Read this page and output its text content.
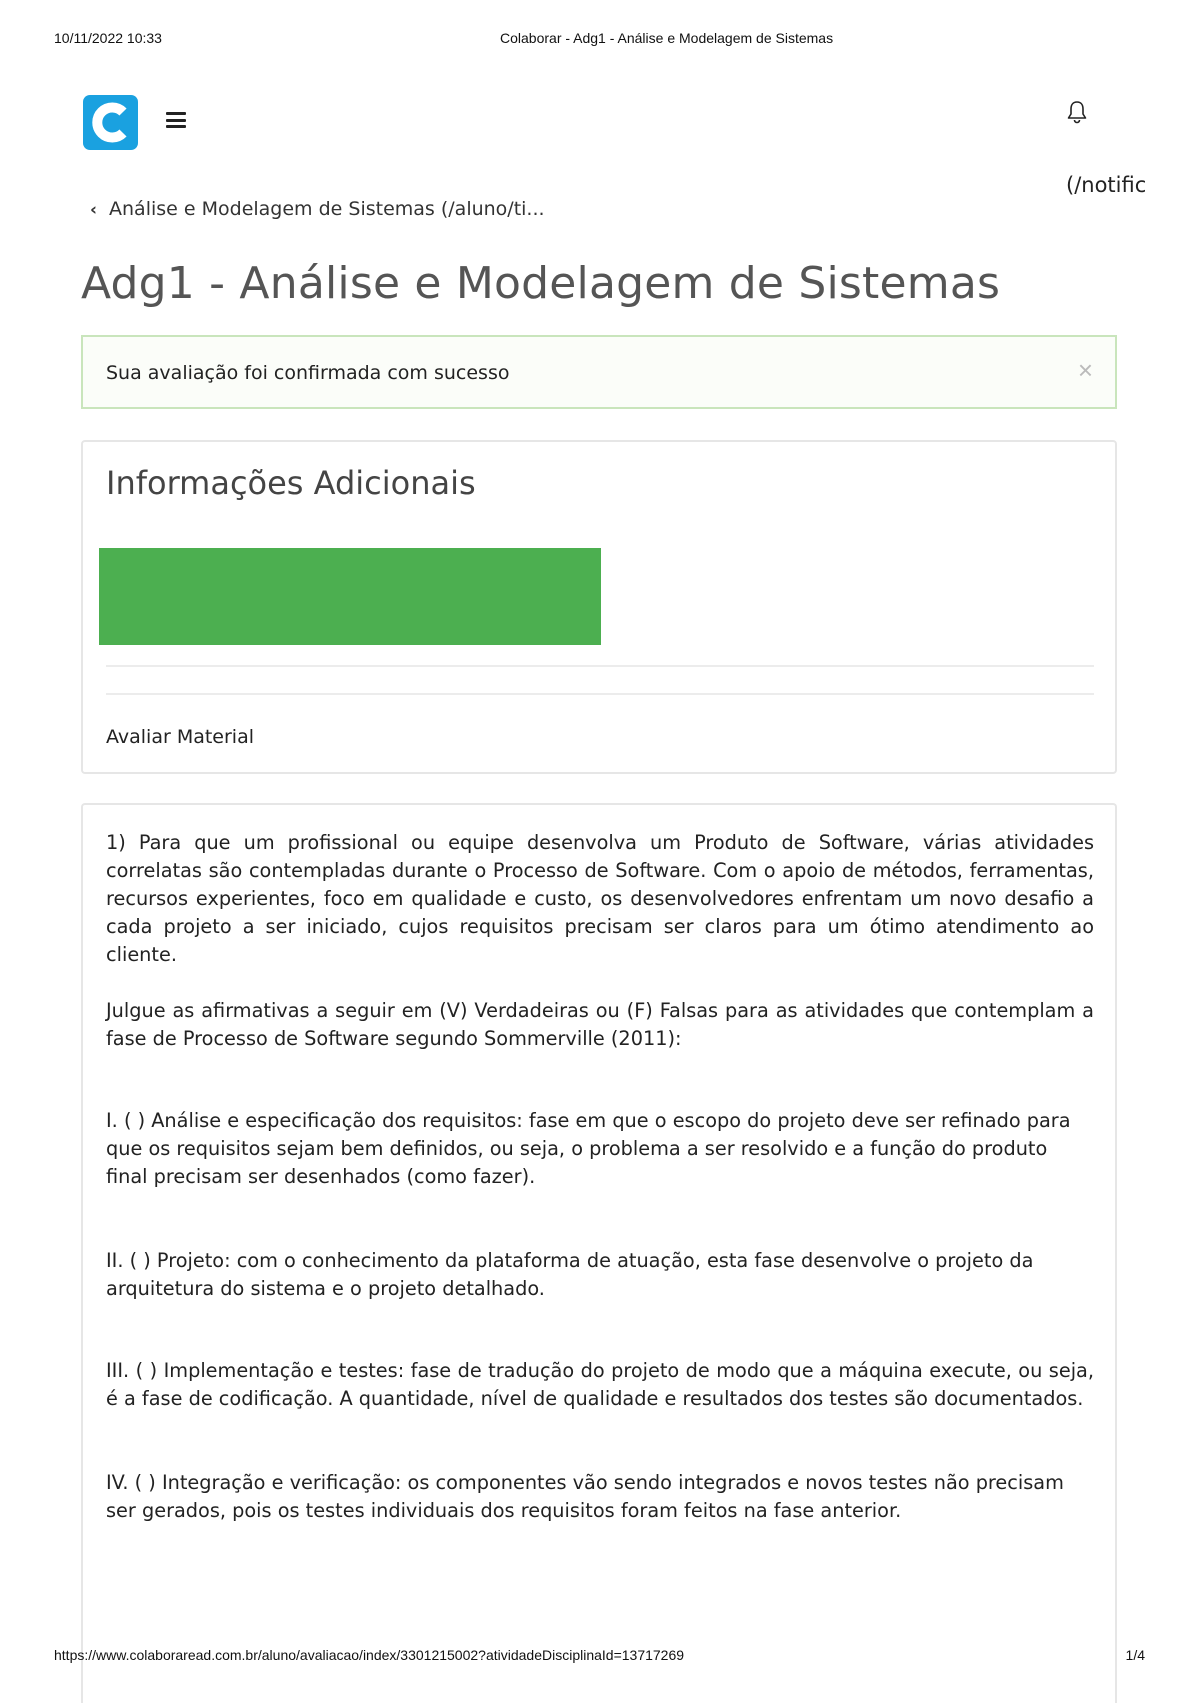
10/11/2022 10:33	Colaborar - Adg1 - Análise e Modelagem de Sistemas
(/notific
‹ Análise e Modelagem de Sistemas (/aluno/ti...
Adg1 - Análise e Modelagem de Sistemas
Sua avaliação foi confirmada com sucesso	×
Informações Adicionais
Avaliar Material

1) Para que um profissional ou equipe desenvolva um Produto de Software, várias atividades correlatas são contempladas durante o Processo de Software. Com o apoio de métodos, ferramentas, recursos experientes, foco em qualidade e custo, os desenvolvedores enfrentam um novo desafio a cada projeto a ser iniciado, cujos requisitos precisam ser claros para um ótimo atendimento ao cliente.

Julgue as afirmativas a seguir em (V) Verdadeiras ou (F) Falsas para as atividades que contemplam a fase de Processo de Software segundo Sommerville (2011):

I. ( ) Análise e especificação dos requisitos: fase em que o escopo do projeto deve ser refinado para que os requisitos sejam bem definidos, ou seja, o problema a ser resolvido e a função do produto final precisam ser desenhados (como fazer).

II. ( ) Projeto: com o conhecimento da plataforma de atuação, esta fase desenvolve o projeto da arquitetura do sistema e o projeto detalhado.

III. ( ) Implementação e testes: fase de tradução do projeto de modo que a máquina execute, ou seja, é a fase de codificação. A quantidade, nível de qualidade e resultados dos testes são documentados.

IV. ( ) Integração e verificação: os componentes vão sendo integrados e novos testes não precisam ser gerados, pois os testes individuais dos requisitos foram feitos na fase anterior.

https://www.colaboraread.com.br/aluno/avaliacao/index/3301215002?atividadeDisciplinaId=13717269	1/4
